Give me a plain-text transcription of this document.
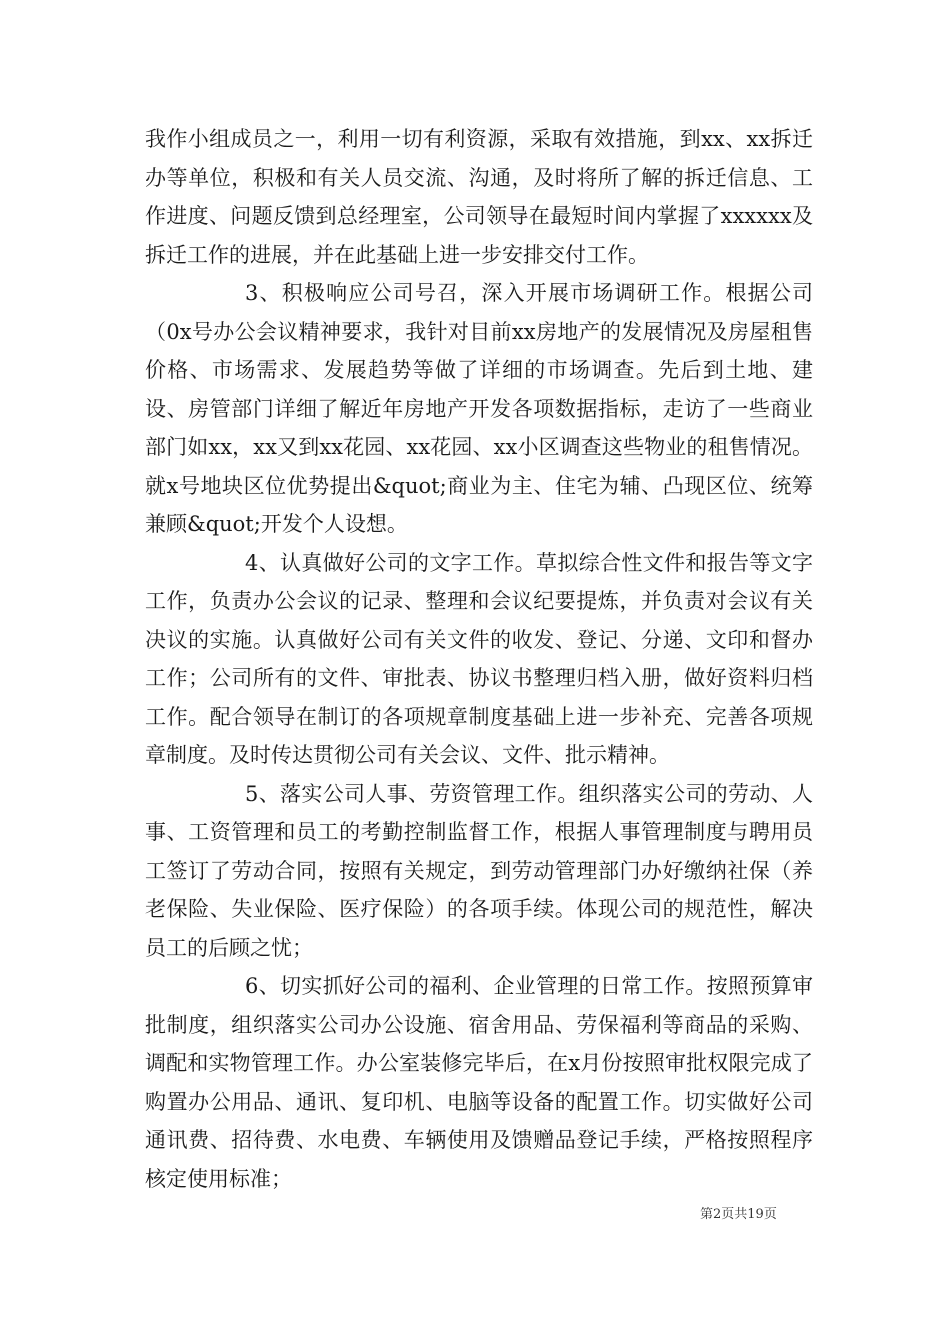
我作小组成员之一，利用一切有利资源，采取有效措施，到xx、xx拆迁办等单位，积极和有关人员交流、沟通，及时将所了解的拆迁信息、工作进度、问题反馈到总经理室，公司领导在最短时间内掌握了xxxxxx及拆迁工作的进展，并在此基础上进一步安排交付工作。

3、积极响应公司号召，深入开展市场调研工作。根据公司（0x号办公会议精神要求，我针对目前xx房地产的发展情况及房屋租售价格、市场需求、发展趋势等做了详细的市场调查。先后到土地、建设、房管部门详细了解近年房地产开发各项数据指标，走访了一些商业部门如xx，xx又到xx花园、xx花园、xx小区调查这些物业的租售情况。就x号地块区位优势提出&quot;商业为主、住宅为辅、凸现区位、统筹兼顾&quot;开发个人设想。

4、认真做好公司的文字工作。草拟综合性文件和报告等文字工作，负责办公会议的记录、整理和会议纪要提炼，并负责对会议有关决议的实施。认真做好公司有关文件的收发、登记、分递、文印和督办工作；公司所有的文件、审批表、协议书整理归档入册，做好资料归档工作。配合领导在制订的各项规章制度基础上进一步补充、完善各项规章制度。及时传达贯彻公司有关会议、文件、批示精神。

5、落实公司人事、劳资管理工作。组织落实公司的劳动、人事、工资管理和员工的考勤控制监督工作，根据人事管理制度与聘用员工签订了劳动合同，按照有关规定，到劳动管理部门办好缴纳社保（养老保险、失业保险、医疗保险）的各项手续。体现公司的规范性，解决员工的后顾之忧；

6、切实抓好公司的福利、企业管理的日常工作。按照预算审批制度，组织落实公司办公设施、宿舍用品、劳保福利等商品的采购、调配和实物管理工作。办公室装修完毕后，在x月份按照审批权限完成了购置办公用品、通讯、复印机、电脑等设备的配置工作。切实做好公司通讯费、招待费、水电费、车辆使用及馈赠品登记手续，严格按照程序核定使用标准；

第2页共19页
